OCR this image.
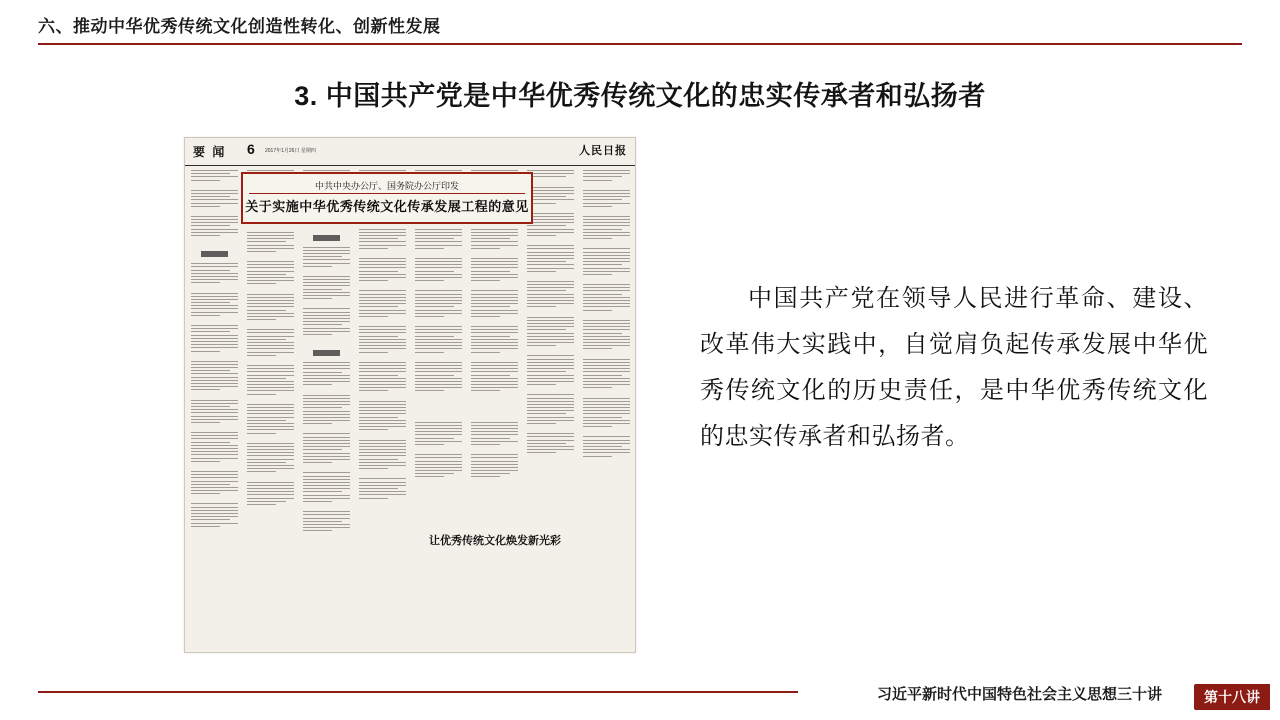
六、推动中华优秀传统文化创造性转化、创新性发展
3. 中国共产党是中华优秀传统文化的忠实传承者和弘扬者
要 闻 6 2017年1月26日 星期四	人民日报
中共中央办公厅、国务院办公厅印发
关于实施中华优秀传统文化传承发展工程的意见
让优秀传统文化焕发新光彩
中国共产党在领导人民进行革命、建设、改革伟大实践中，自觉肩负起传承发展中华优秀传统文化的历史责任，是中华优秀传统文化的忠实传承者和弘扬者。
习近平新时代中国特色社会主义思想三十讲	第十八讲
